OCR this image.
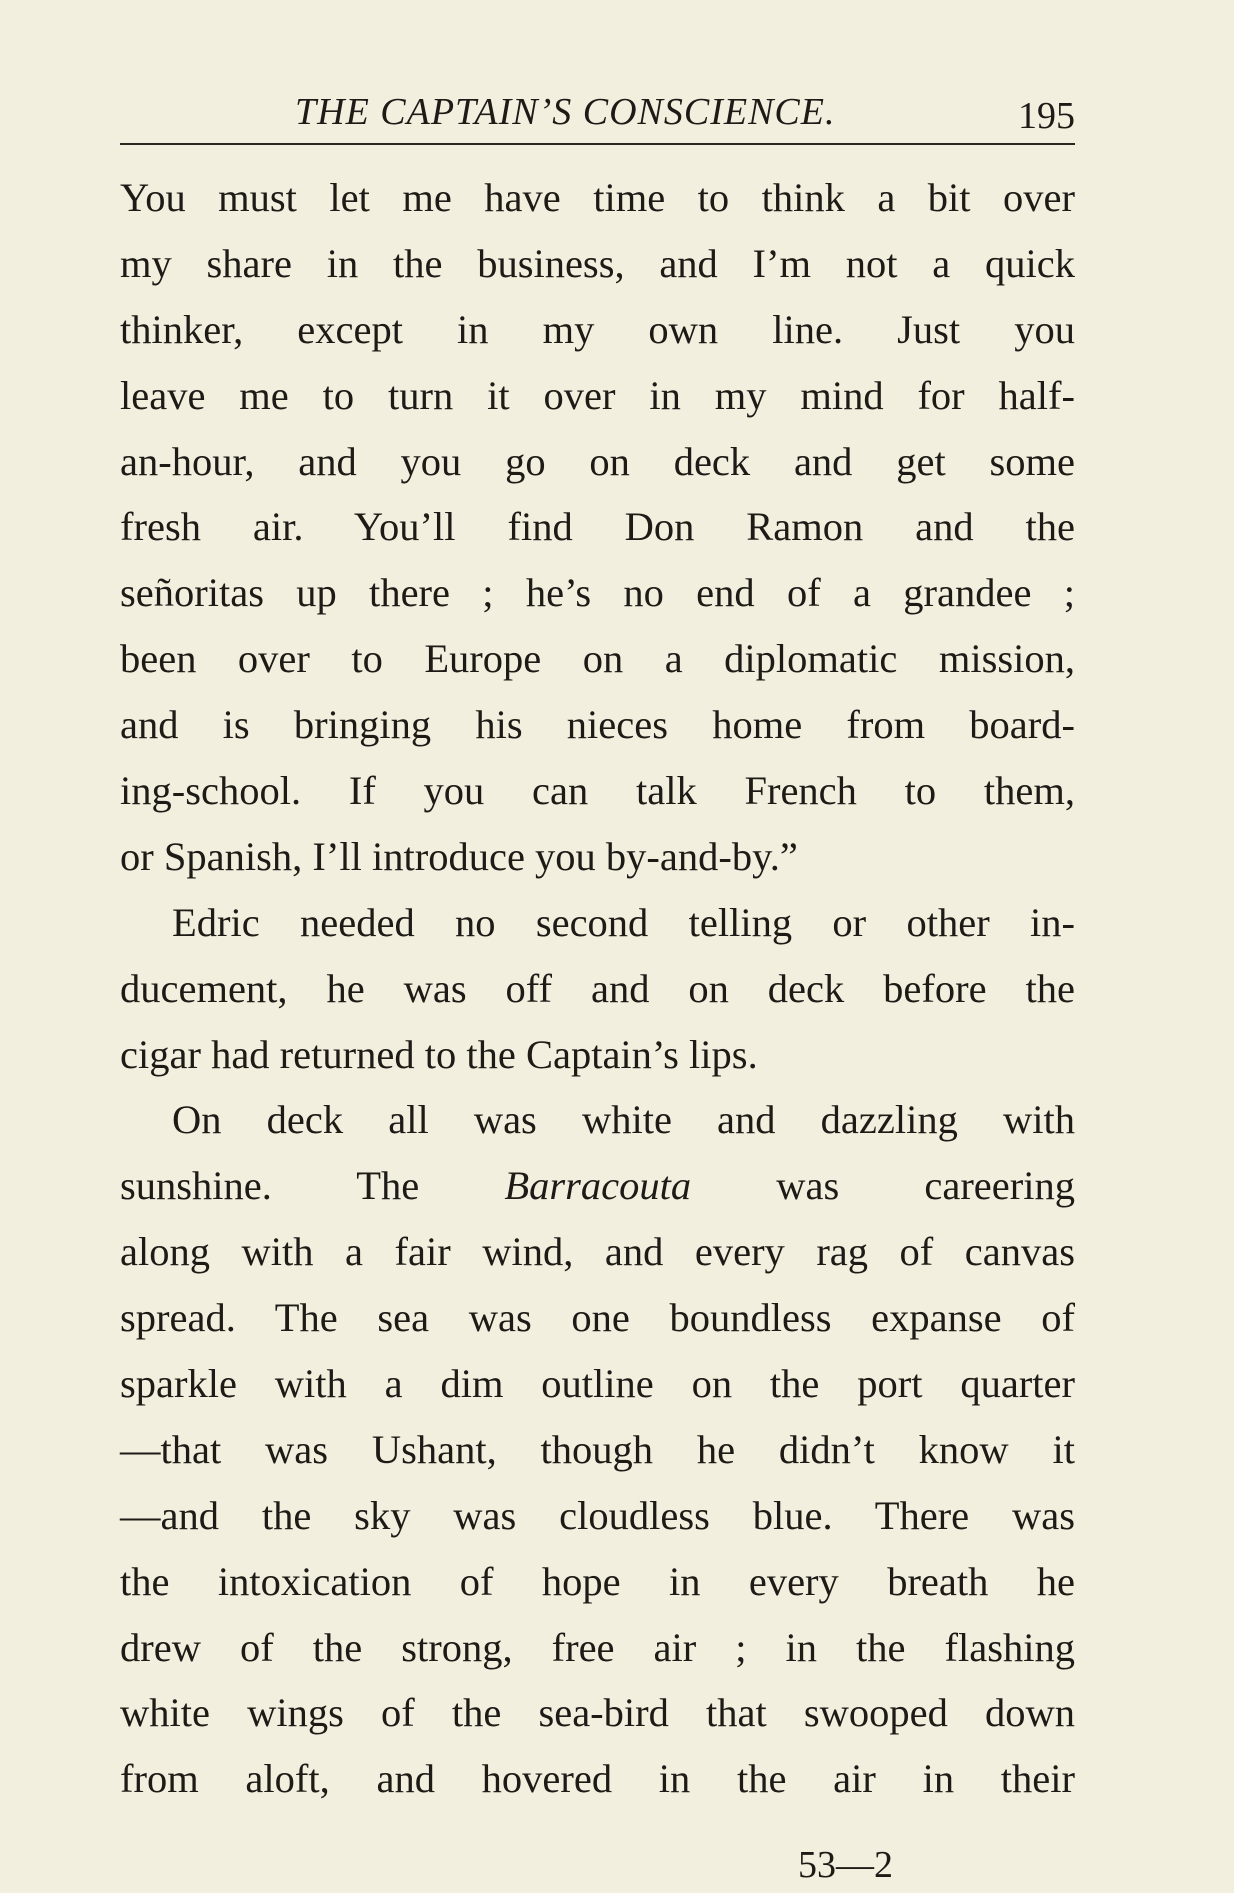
THE CAPTAIN’S CONSCIENCE.	195
You must let me have time to think a bit over
my share in the business, and I’m not a quick
thinker, except in my own line. Just you
leave me to turn it over in my mind for half-
an-hour, and you go on deck and get some
fresh air. You’ll find Don Ramon and the
señoritas up there ; he’s no end of a grandee ;
been over to Europe on a diplomatic mission,
and is bringing his nieces home from board-
ing-school. If you can talk French to them,
or Spanish, I’ll introduce you by-and-by.”
Edric needed no second telling or other in-
ducement, he was off and on deck before the
cigar had returned to the Captain’s lips.
On deck all was white and dazzling with
sunshine. The Barracouta was careering
along with a fair wind, and every rag of canvas
spread. The sea was one boundless expanse of
sparkle with a dim outline on the port quarter
—that was Ushant, though he didn’t know it
—and the sky was cloudless blue. There was
the intoxication of hope in every breath he
drew of the strong, free air ; in the flashing
white wings of the sea-bird that swooped down
from aloft, and hovered in the air in their
53—2
